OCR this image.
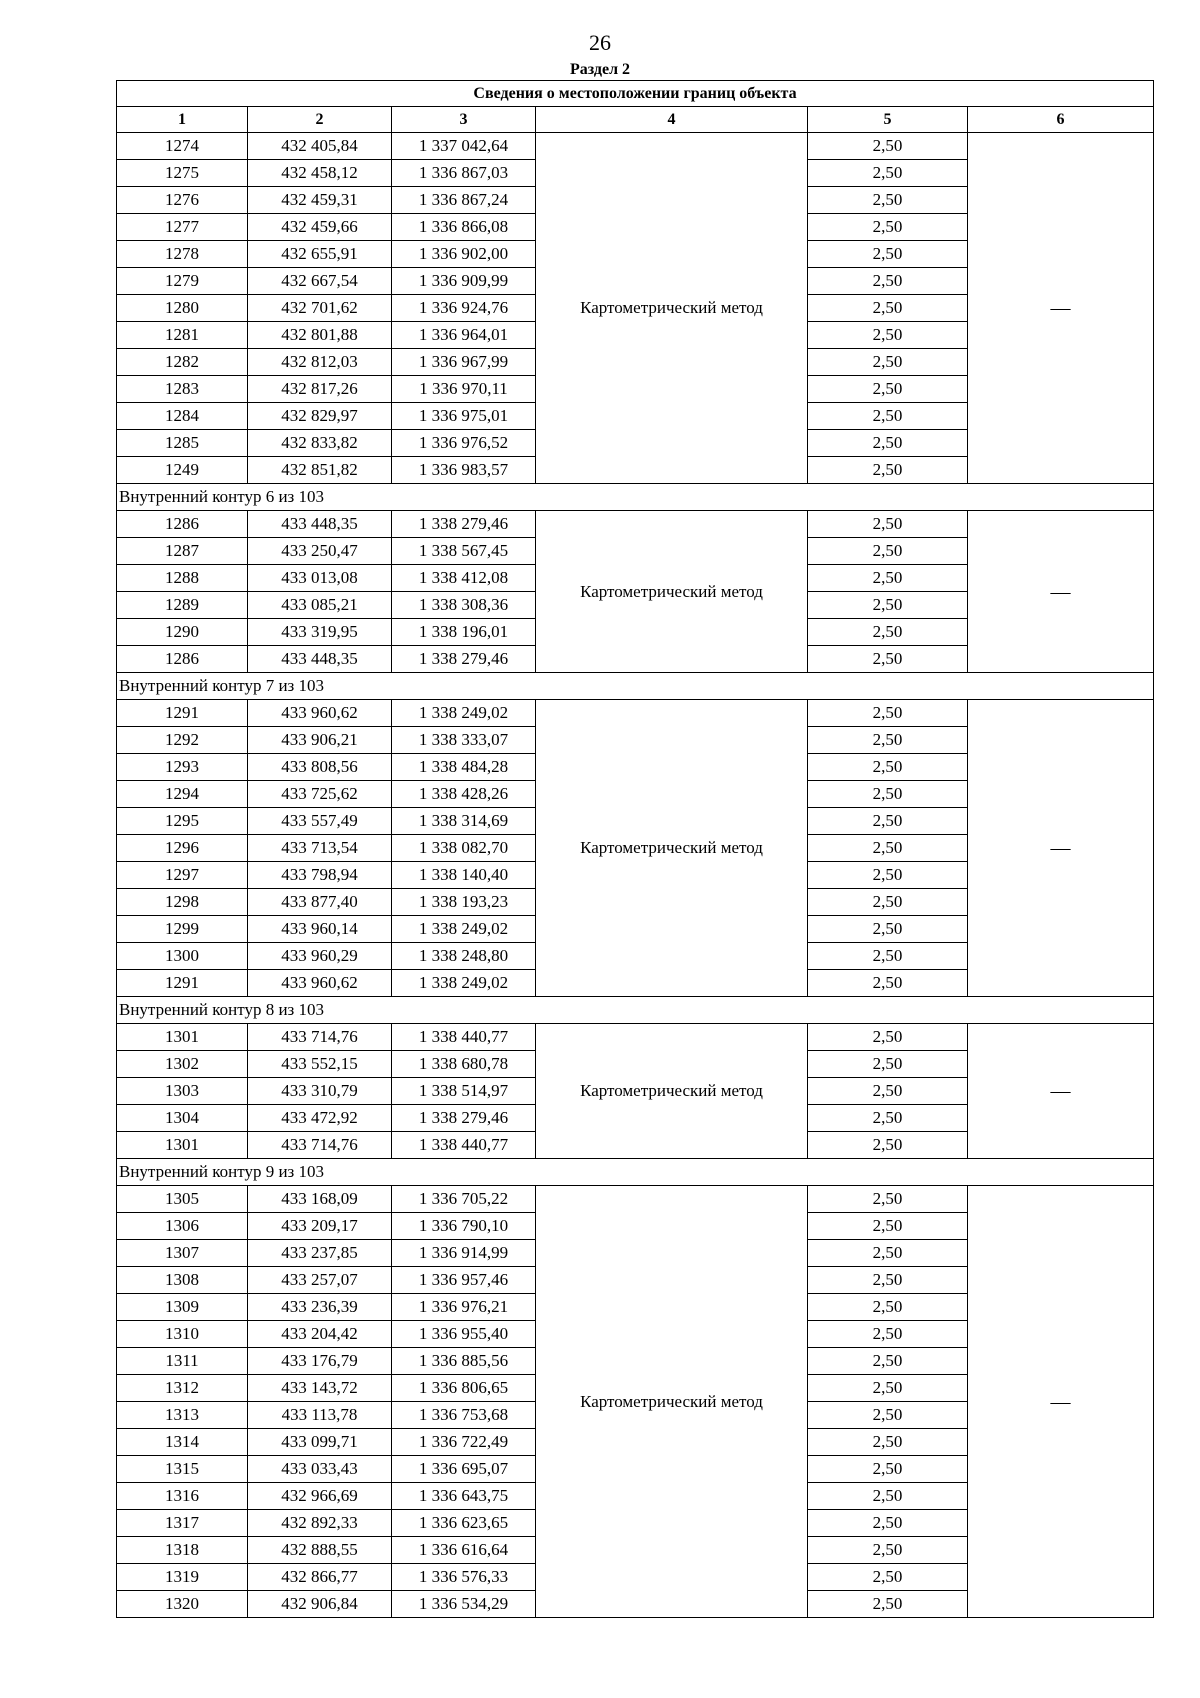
26
Раздел 2
Сведения о местоположении границ объекта					
1	2	3	4	5	6
1274	432 405,84	1 337 042,64	Картометрический метод	2,50	—
1275	432 458,12	1 336 867,03		2,50	
1276	432 459,31	1 336 867,24		2,50	
1277	432 459,66	1 336 866,08		2,50	
1278	432 655,91	1 336 902,00		2,50	
1279	432 667,54	1 336 909,99		2,50	
1280	432 701,62	1 336 924,76		2,50	
1281	432 801,88	1 336 964,01		2,50	
1282	432 812,03	1 336 967,99		2,50	
1283	432 817,26	1 336 970,11		2,50	
1284	432 829,97	1 336 975,01		2,50	
1285	432 833,82	1 336 976,52		2,50	
1249	432 851,82	1 336 983,57		2,50	
Внутренний контур 6 из 103					
1286	433 448,35	1 338 279,46	Картометрический метод	2,50	—
1287	433 250,47	1 338 567,45		2,50	
1288	433 013,08	1 338 412,08		2,50	
1289	433 085,21	1 338 308,36		2,50	
1290	433 319,95	1 338 196,01		2,50	
1286	433 448,35	1 338 279,46		2,50	
Внутренний контур 7 из 103					
1291	433 960,62	1 338 249,02	Картометрический метод	2,50	—
1292	433 906,21	1 338 333,07		2,50	
1293	433 808,56	1 338 484,28		2,50	
1294	433 725,62	1 338 428,26		2,50	
1295	433 557,49	1 338 314,69		2,50	
1296	433 713,54	1 338 082,70		2,50	
1297	433 798,94	1 338 140,40		2,50	
1298	433 877,40	1 338 193,23		2,50	
1299	433 960,14	1 338 249,02		2,50	
1300	433 960,29	1 338 248,80		2,50	
1291	433 960,62	1 338 249,02		2,50	
Внутренний контур 8 из 103					
1301	433 714,76	1 338 440,77	Картометрический метод	2,50	—
1302	433 552,15	1 338 680,78		2,50	
1303	433 310,79	1 338 514,97		2,50	
1304	433 472,92	1 338 279,46		2,50	
1301	433 714,76	1 338 440,77		2,50	
Внутренний контур 9 из 103					
1305	433 168,09	1 336 705,22	Картометрический метод	2,50	—
1306	433 209,17	1 336 790,10		2,50	
1307	433 237,85	1 336 914,99		2,50	
1308	433 257,07	1 336 957,46		2,50	
1309	433 236,39	1 336 976,21		2,50	
1310	433 204,42	1 336 955,40		2,50	
1311	433 176,79	1 336 885,56		2,50	
1312	433 143,72	1 336 806,65		2,50	
1313	433 113,78	1 336 753,68		2,50	
1314	433 099,71	1 336 722,49		2,50	
1315	433 033,43	1 336 695,07		2,50	
1316	432 966,69	1 336 643,75		2,50	
1317	432 892,33	1 336 623,65		2,50	
1318	432 888,55	1 336 616,64		2,50	
1319	432 866,77	1 336 576,33		2,50	
1320	432 906,84	1 336 534,29		2,50	
